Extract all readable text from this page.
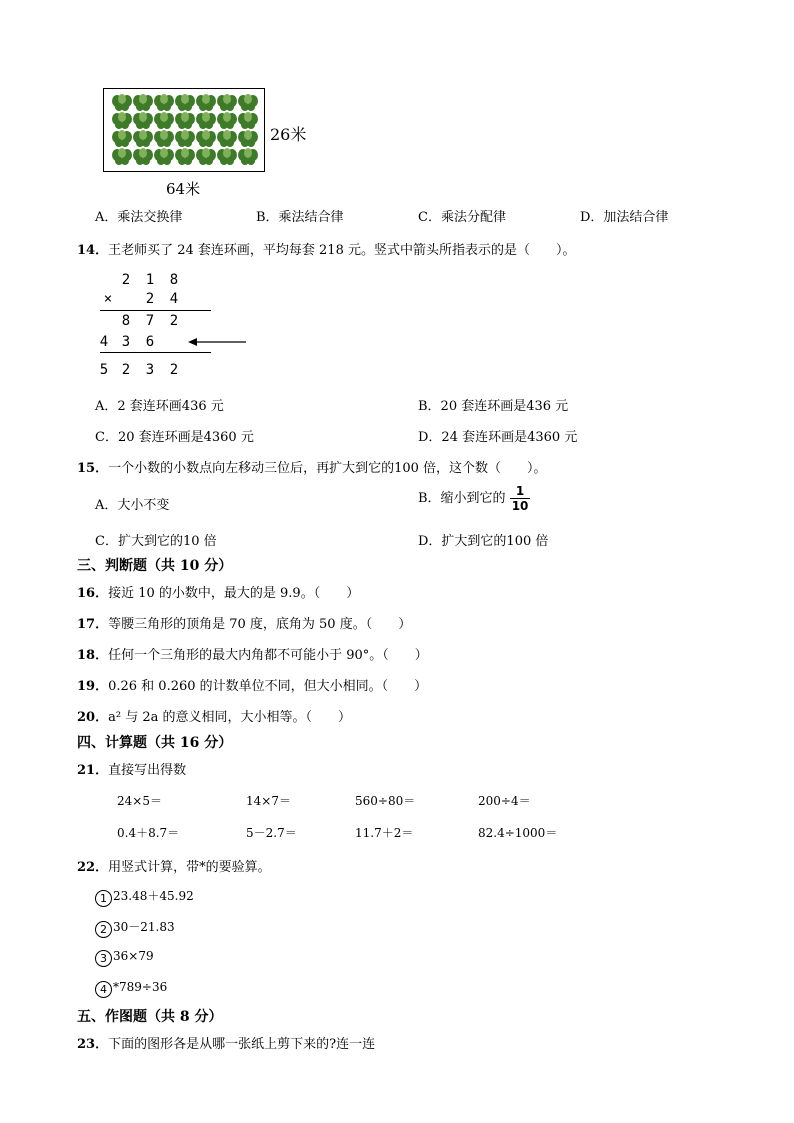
26米
64米
A．乘法交换律	B．乘法结合律	C．乘法分配律	D．加法结合律
14．王老师买了 24 套连环画，平均每套 218 元。竖式中箭头所指表示的是（　　）。
2 1 8
× 2 4
8 7 2
4 3 6
5 2 3 2
A．2 套连环画436 元	B．20 套连环画是436 元
C．20 套连环画是4360 元	D．24 套连环画是4360 元
15．一个小数的小数点向左移动三位后，再扩大到它的100 倍，这个数（　　）。
A．大小不变	B．缩小到它的 $\frac{1}{10}$
C．扩大到它的10 倍	D．扩大到它的100 倍
三、判断题（共 10 分）
16．接近 10 的小数中，最大的是 9.9。（　　）
17．等腰三角形的顶角是 70 度，底角为 50 度。（　　）
18．任何一个三角形的最大内角都不可能小于 90°。（　　）
19．0.26 和 0.260 的计数单位不同，但大小相同。（　　）
20．a² 与 2a 的意义相同，大小相等。（　　）
四、计算题（共 16 分）
21．直接写出得数
24×5＝	14×7＝	560÷80＝	200÷4＝
0.4＋8.7＝	5－2.7＝	11.7＋2＝	82.4÷1000＝
22．用竖式计算，带*的要验算。
1 23.48＋45.92
2 30－21.83
3 36×79
4 *789÷36
五、作图题（共 8 分）
23．下面的图形各是从哪一张纸上剪下来的?连一连
